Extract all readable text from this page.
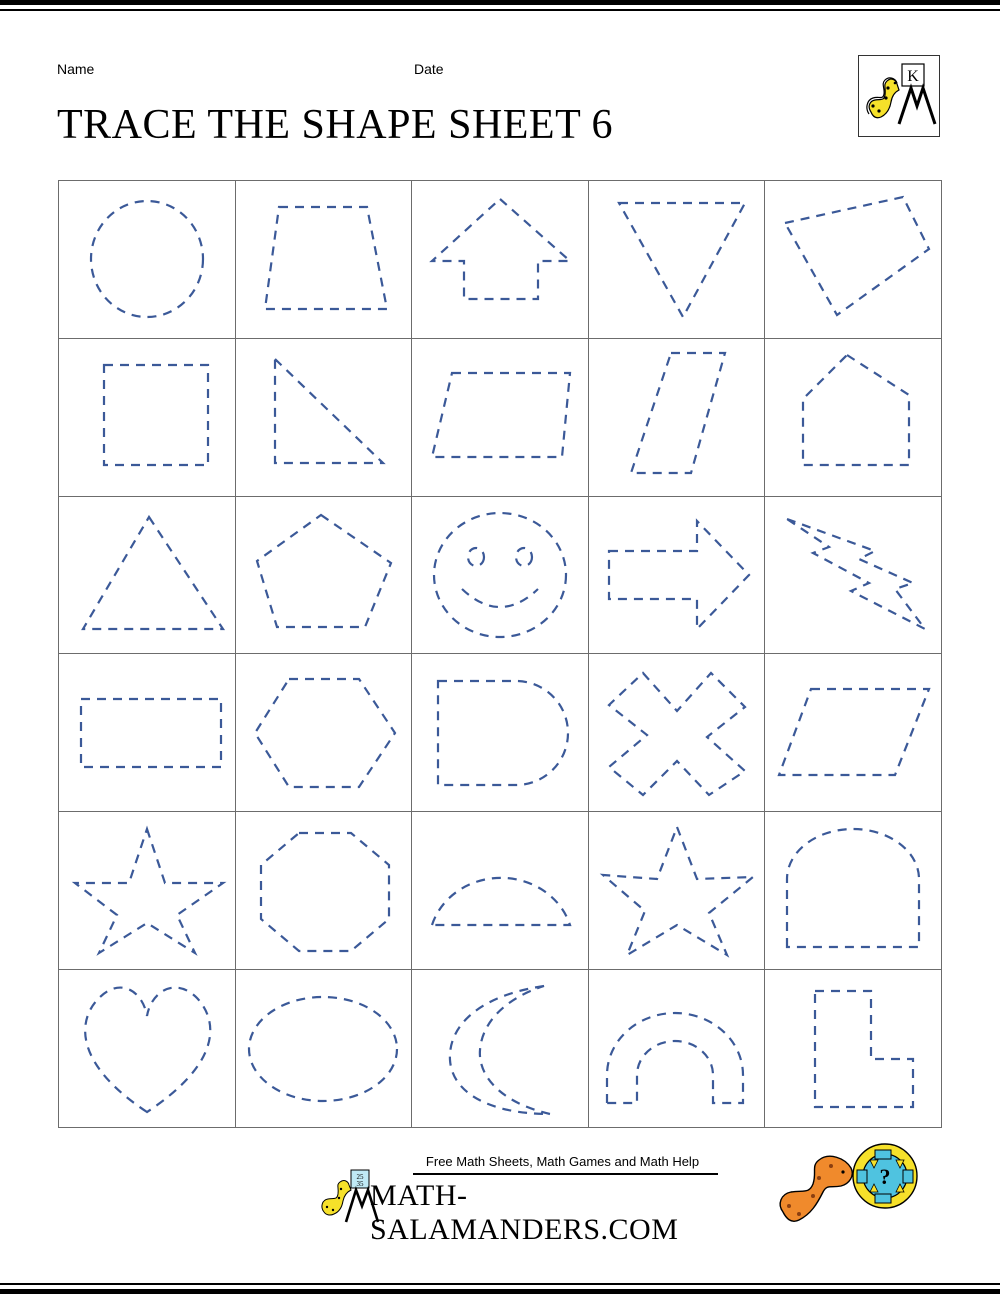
Name	Date
TRACE THE SHAPE SHEET 6
K
25
35
Free Math Sheets, Math Games and Math Help
MATH-SALAMANDERS.COM
?
